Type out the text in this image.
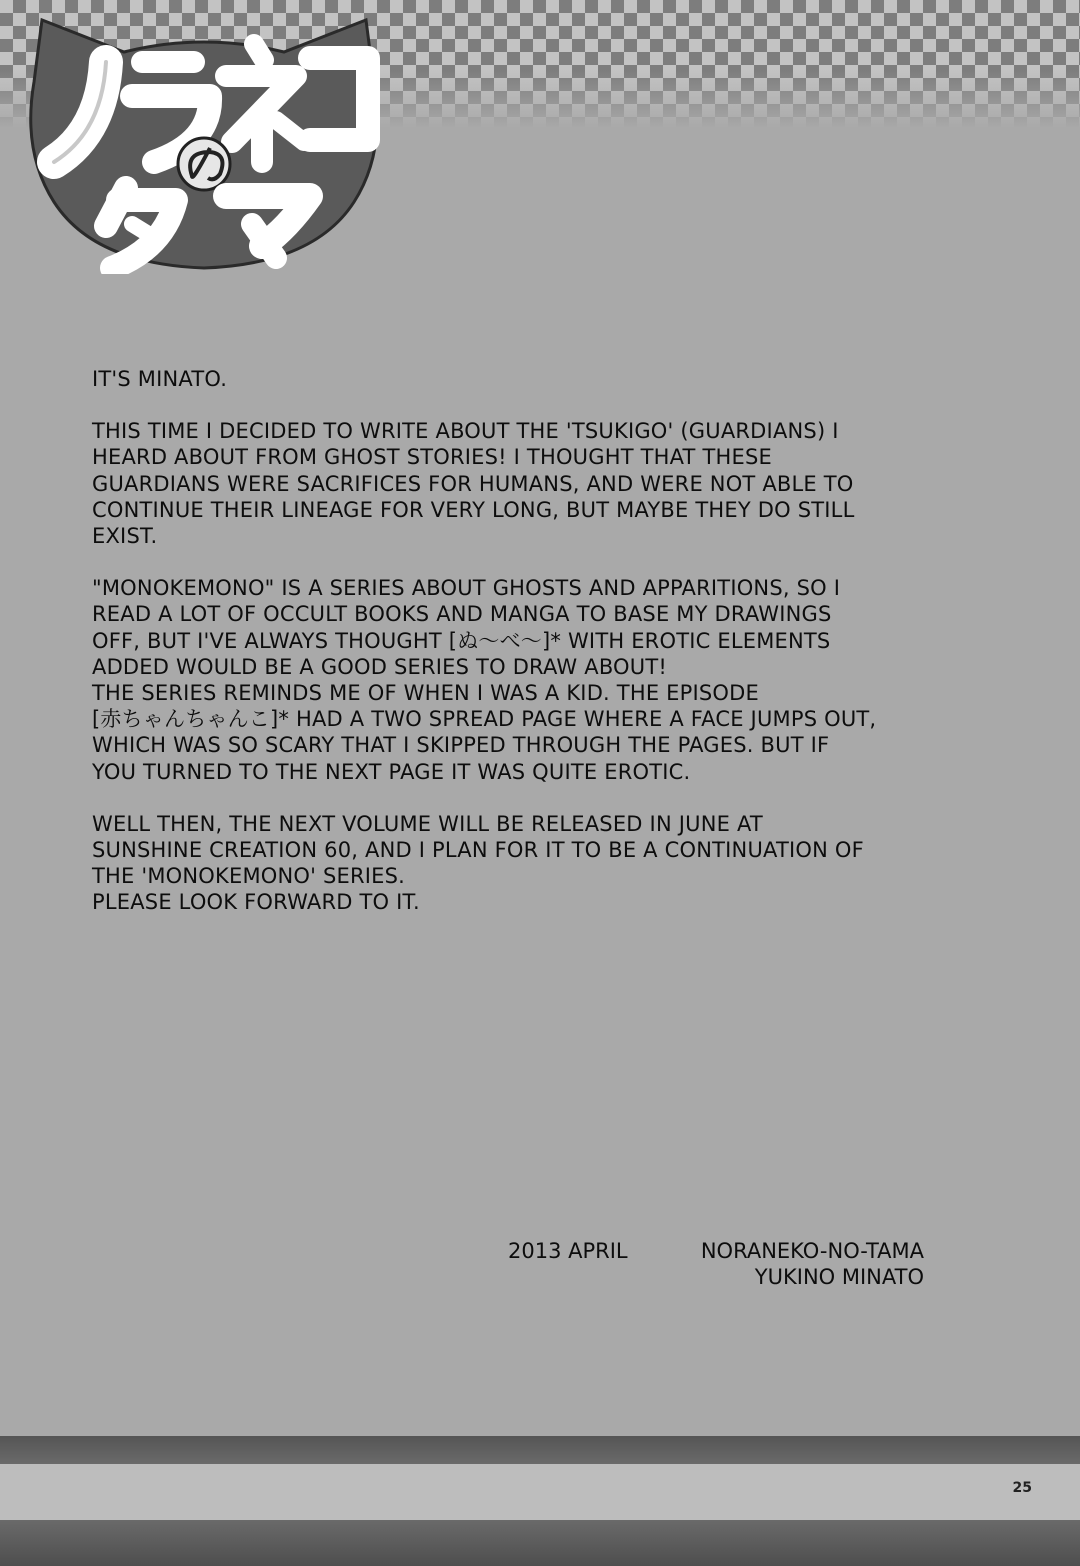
IT'S MINATO.

THIS TIME I DECIDED TO WRITE ABOUT THE 'TSUKIGO' (GUARDIANS) I
HEARD ABOUT FROM GHOST STORIES! I THOUGHT THAT THESE
GUARDIANS WERE SACRIFICES FOR HUMANS, AND WERE NOT ABLE TO
CONTINUE THEIR LINEAGE FOR VERY LONG, BUT MAYBE THEY DO STILL
EXIST.

"MONOKEMONO" IS A SERIES ABOUT GHOSTS AND APPARITIONS, SO I
READ A LOT OF OCCULT BOOKS AND MANGA TO BASE MY DRAWINGS
OFF, BUT I'VE ALWAYS THOUGHT [ぬ～べ～]* WITH EROTIC ELEMENTS
ADDED WOULD BE A GOOD SERIES TO DRAW ABOUT!
THE SERIES REMINDS ME OF WHEN I WAS A KID. THE EPISODE
[赤ちゃんちゃんこ]* HAD A TWO SPREAD PAGE WHERE A FACE JUMPS OUT,
WHICH WAS SO SCARY THAT I SKIPPED THROUGH THE PAGES. BUT IF
YOU TURNED TO THE NEXT PAGE IT WAS QUITE EROTIC.

WELL THEN, THE NEXT VOLUME WILL BE RELEASED IN JUNE AT
SUNSHINE CREATION 60, AND I PLAN FOR IT TO BE A CONTINUATION OF
THE 'MONOKEMONO' SERIES.
PLEASE LOOK FORWARD TO IT.

2013 APRIL	NORANEKO-NO-TAMA
YUKINO MINATO
25
